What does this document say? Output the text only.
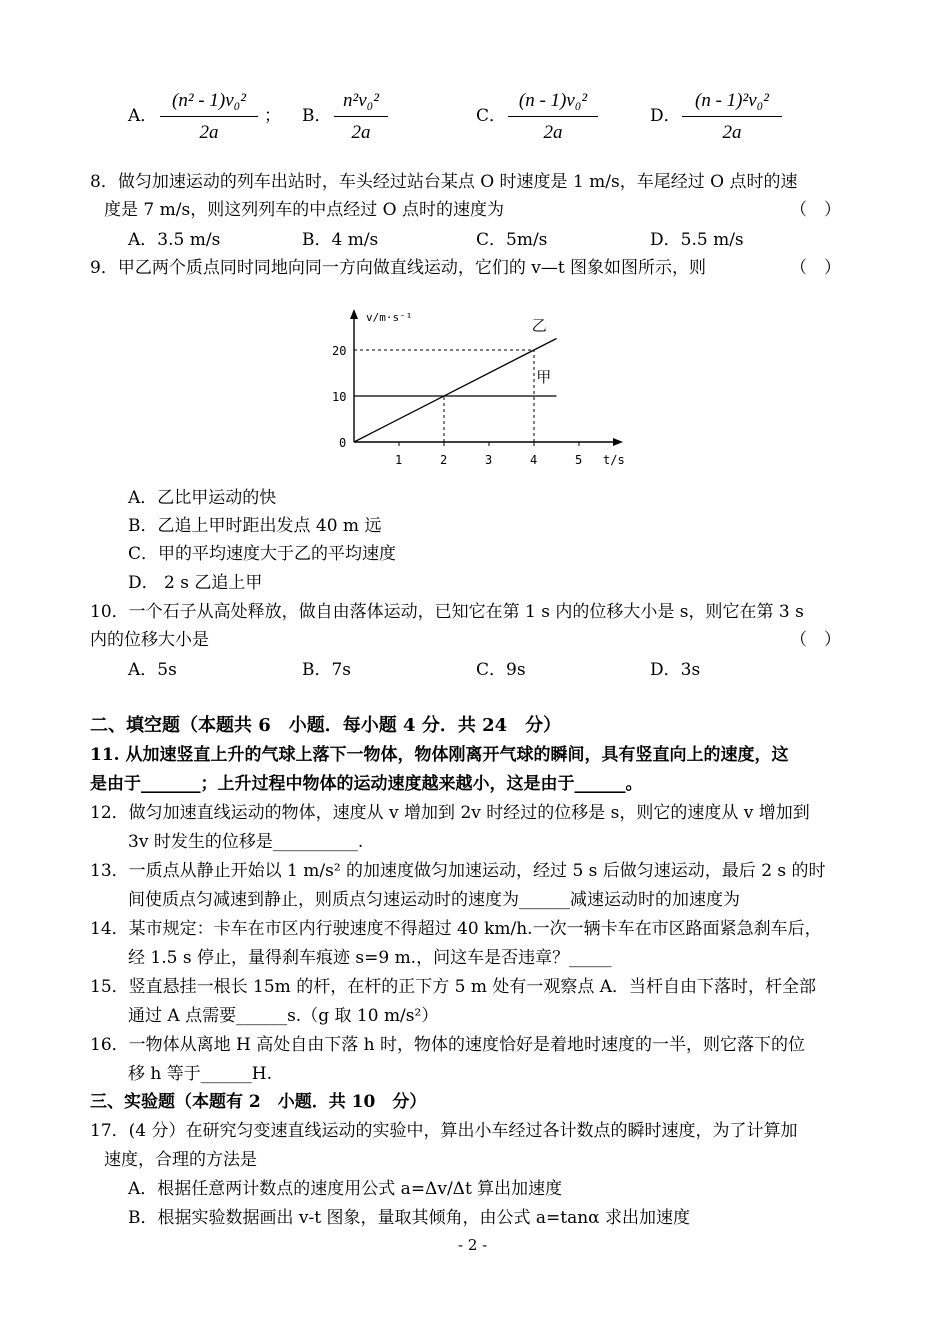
A．
(n² - 1)v₀²
2a
； B．
n²v₀²
2a
C．
(n - 1)v₀²
2a
D．
(n - 1)²v₀²
2a
8．做匀加速运动的列车出站时，车头经过站台某点 O 时速度是 1 m/s，车尾经过 O 点时的速
度是 7 m/s，则这列列车的中点经过 O 点时的速度为	（　）
A．3.5 m/s	B．4 m/s	C．5m/s	D．5.5 m/s
9．甲乙两个质点同时同地向同一方向做直线运动，它们的 v—t 图象如图所示，则	（　）
v/m·s⁻¹
t/s
1	2	3	4	5
0
10
20
甲
乙
A．乙比甲运动的快
B．乙追上甲时距出发点 40 m 远
C．甲的平均速度大于乙的平均速度
D． 2 s 乙追上甲
10．一个石子从高处释放，做自由落体运动，已知它在第 1 s 内的位移大小是 s，则它在第 3 s
内的位移大小是	（　）
A．5s	B．7s	C．9s	D．3s
二、填空题（本题共 6　小题．每小题 4 分．共 24　分）
11. 从加速竖直上升的气球上落下一物体，物体刚离开气球的瞬间，具有竖直向上的速度，这
是由于_______；上升过程中物体的运动速度越来越小，这是由于______。
12．做匀加速直线运动的物体，速度从 v 增加到 2v 时经过的位移是 s，则它的速度从 v 增加到
3v 时发生的位移是__________.
13．一质点从静止开始以 1 m/s² 的加速度做匀加速运动，经过 5 s 后做匀速运动，最后 2 s 的时
间使质点匀减速到静止，则质点匀速运动时的速度为______减速运动时的加速度为
14．某市规定：卡车在市区内行驶速度不得超过 40 km/h.一次一辆卡车在市区路面紧急刹车后，
经 1.5 s 停止，量得刹车痕迹 s=9 m.，问这车是否违章？_____
15．竖直悬挂一根长 15m 的杆，在杆的正下方 5 m 处有一观察点 A．当杆自由下落时，杆全部
通过 A 点需要______s.（g 取 10 m/s²）
16．一物体从离地 H 高处自由下落 h 时，物体的速度恰好是着地时速度的一半，则它落下的位
移 h 等于______H.
三、实验题（本题有 2　小题．共 10　分）
17．(4 分）在研究匀变速直线运动的实验中，算出小车经过各计数点的瞬时速度，为了计算加
速度，合理的方法是
A．根据任意两计数点的速度用公式 a=Δv/Δt 算出加速度
B．根据实验数据画出 v-t 图象，量取其倾角，由公式 a=tanα 求出加速度
- 2 -
